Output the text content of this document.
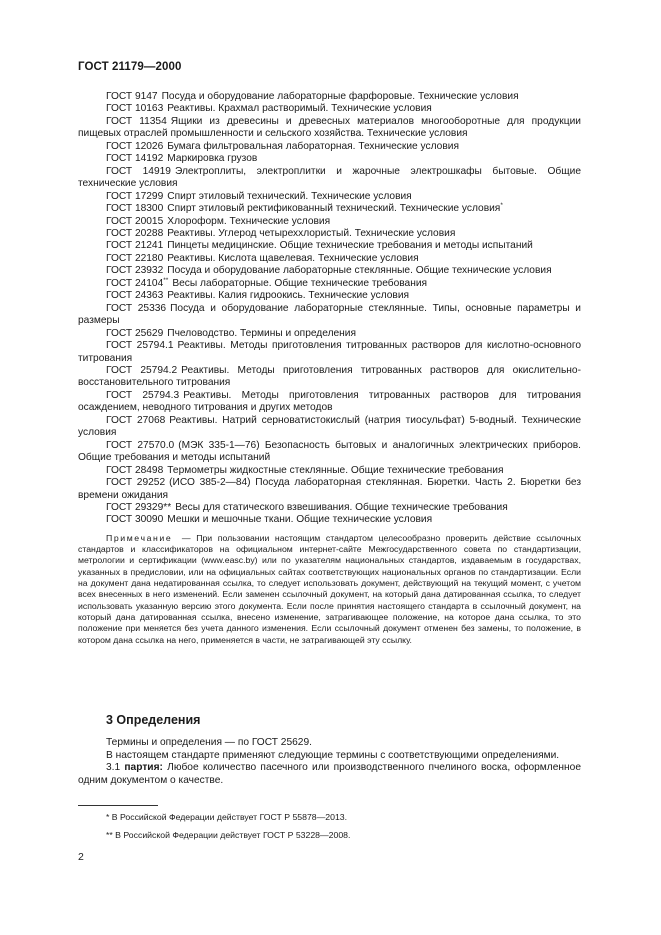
ГОСТ 21179—2000

ГОСТ 9147 Посуда и оборудование лабораторные фарфоровые. Технические условия

ГОСТ 10163 Реактивы. Крахмал растворимый. Технические условия

ГОСТ 11354 Ящики из древесины и древесных материалов многооборотные для продукции пищевых отраслей промышленности и сельского хозяйства. Технические условия

ГОСТ 12026 Бумага фильтровальная лабораторная. Технические условия

ГОСТ 14192 Маркировка грузов

ГОСТ 14919 Электроплиты, электроплитки и жарочные электрошкафы бытовые. Общие технические условия

ГОСТ 17299 Спирт этиловый технический. Технические условия

ГОСТ 18300 Спирт этиловый ректификованный технический. Технические условия*

ГОСТ 20015 Хлороформ. Технические условия

ГОСТ 20288 Реактивы. Углерод четыреххлористый. Технические условия

ГОСТ 21241 Пинцеты медицинские. Общие технические требования и методы испытаний

ГОСТ 22180 Реактивы. Кислота щавелевая. Технические условия

ГОСТ 23932 Посуда и оборудование лабораторные стеклянные. Общие технические условия

ГОСТ 24104** Весы лабораторные. Общие технические требования

ГОСТ 24363 Реактивы. Калия гидроокись. Технические условия

ГОСТ 25336 Посуда и оборудование лабораторные стеклянные. Типы, основные параметры и размеры

ГОСТ 25629 Пчеловодство. Термины и определения

ГОСТ 25794.1 Реактивы. Методы приготовления титрованных растворов для кислотно-основного титрования

ГОСТ 25794.2 Реактивы. Методы приготовления титрованных растворов для окислительно-восстановительного титрования

ГОСТ 25794.3 Реактивы. Методы приготовления титрованных растворов для титрования осаждением, неводного титрования и других методов

ГОСТ 27068 Реактивы. Натрий серноватистокислый (натрия тиосульфат) 5-водный. Технические условия

ГОСТ 27570.0 (МЭК 335-1—76) Безопасность бытовых и аналогичных электрических приборов. Общие требования и методы испытаний

ГОСТ 28498 Термометры жидкостные стеклянные. Общие технические требования

ГОСТ 29252 (ИСО 385-2—84) Посуда лабораторная стеклянная. Бюретки. Часть 2. Бюретки без времени ожидания

ГОСТ 29329** Весы для статического взвешивания. Общие технические требования

ГОСТ 30090 Мешки и мешочные ткани. Общие технические условия

Примечание — При пользовании настоящим стандартом целесообразно проверить действие ссылочных стандартов и классификаторов на официальном интернет-сайте Межгосударственного совета по стандартизации, метрологии и сертификации (www.easc.by) или по указателям национальных стандартов, издаваемым в государствах, указанных в предисловии, или на официальных сайтах соответствующих национальных органов по стандартизации. Если на документ дана недатированная ссылка, то следует использовать документ, действующий на текущий момент, с учетом всех внесенных в него изменений. Если заменен ссылочный документ, на который дана датированная ссылка, то следует использовать указанную версию этого документа. Если после принятия настоящего стандарта в ссылочный документ, на который дана датированная ссылка, внесено изменение, затрагивающее положение, на которое дана ссылка, то это положение при меняется без учета данного изменения. Если ссылочный документ отменен без замены, то положение, в котором дана ссылка на него, применяется в части, не затрагивающей эту ссылку.
3 Определения

Термины и определения — по ГОСТ 25629.

В настоящем стандарте применяют следующие термины с соответствующими определениями.

3.1 партия: Любое количество пасечного или производственного пчелиного воска, оформленное одним документом о качестве.

* В Российской Федерации действует ГОСТ Р 55878—2013.
** В Российской Федерации действует ГОСТ Р 53228—2008.
2
